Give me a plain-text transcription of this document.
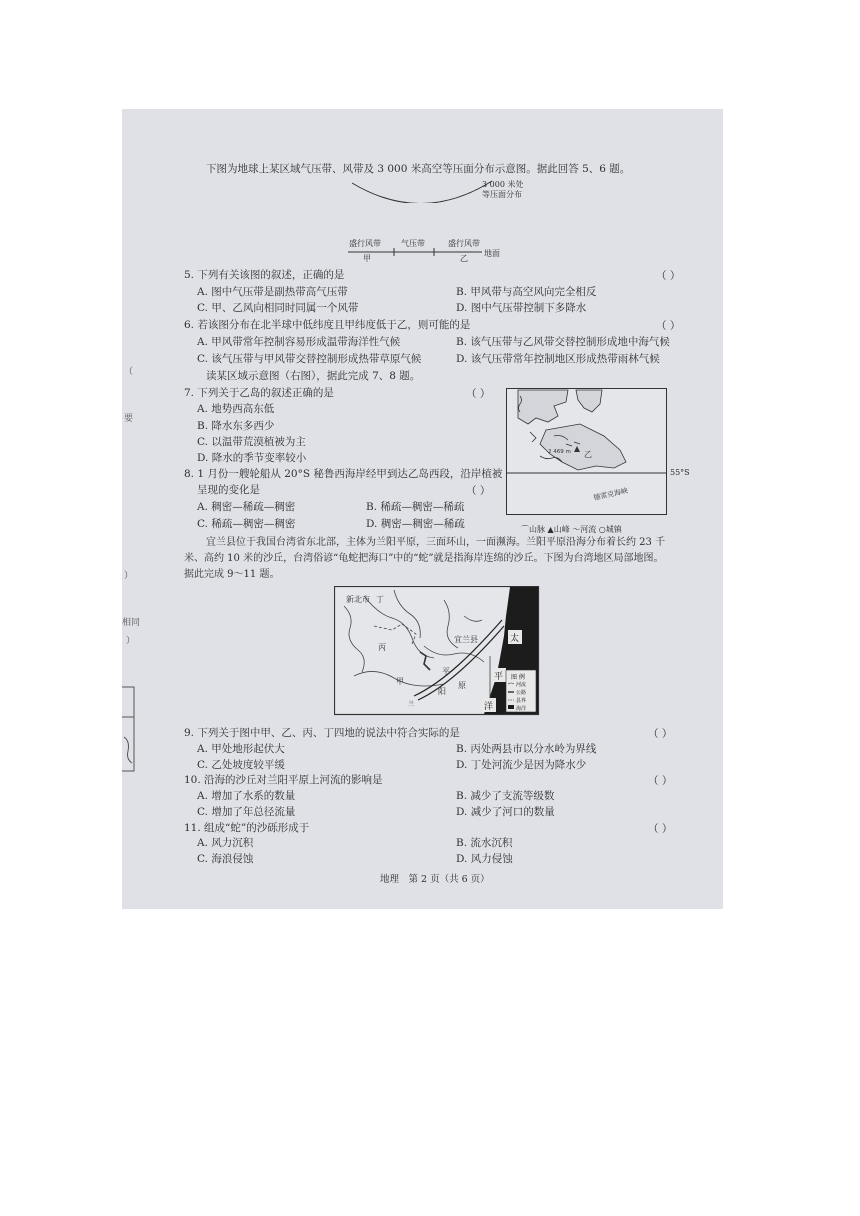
（
要
）
相同
）
下图为地球上某区域气压带、风带及 3 000 米高空等压面分布示意图。据此回答 5、6 题。
3 000 米处
等压面分布
盛行风带	气压带	盛行风带
甲	乙
地面
5. 下列有关该图的叙述，正确的是	（ ）
A. 图中气压带是副热带高气压带	B. 甲风带与高空风向完全相反
C. 甲、乙风向相同时同属一个风带	D. 图中气压带控制下多降水
6. 若该图分布在北半球中低纬度且甲纬度低于乙，则可能的是	（ ）
A. 甲风带常年控制容易形成温带海洋性气候	B. 该气压带与乙风带交替控制形成地中海气候
C. 该气压带与甲风带交替控制形成热带草原气候	D. 该气压带常年控制地区形成热带雨林气候
读某区域示意图（右图），据此完成 7、8 题。
7. 下列关于乙岛的叙述正确的是	（ ）
A. 地势西高东低
B. 降水东多西少
C. 以温带荒漠植被为主
D. 降水的季节变率较小	2 469 m 乙
德雷克海峡
55°S
⌒山脉 ▲山峰 〜河流 ○城镇
8. 1 月份一艘轮船从 20°S 秘鲁西海岸经甲到达乙岛西段，沿岸植被
呈现的变化是	（ ）
A. 稠密—稀疏—稠密	B. 稀疏—稠密—稀疏
C. 稀疏—稠密—稠密	D. 稠密—稠密—稀疏
宜兰县位于我国台湾省东北部，主体为兰阳平原，三面环山，一面濒海。兰阳平原沿海分布着长约 23 千
米、高约 10 米的沙丘，台湾俗谚“龟蛇把海口”中的“蛇”就是指海岸连绵的沙丘。下图为台湾地区局部地图。
据此完成 9～11 题。
新北市 丁
丙
宜兰县
甲
兰
阳
平
原
太
平
洋
图 例
河流
公路
县界
海洋
9. 下列关于图中甲、乙、丙、丁四地的说法中符合实际的是	（ ）
A. 甲处地形起伏大	B. 丙处两县市以分水岭为界线
C. 乙处坡度较平缓	D. 丁处河流少是因为降水少
10. 沿海的沙丘对兰阳平原上河流的影响是	（ ）
A. 增加了水系的数量	B. 减少了支流等级数
C. 增加了年总径流量	D. 减少了河口的数量
11. 组成“蛇”的沙砾形成于	（ ）
A. 风力沉积	B. 流水沉积
C. 海浪侵蚀	D. 风力侵蚀
地理　第 2 页（共 6 页）
